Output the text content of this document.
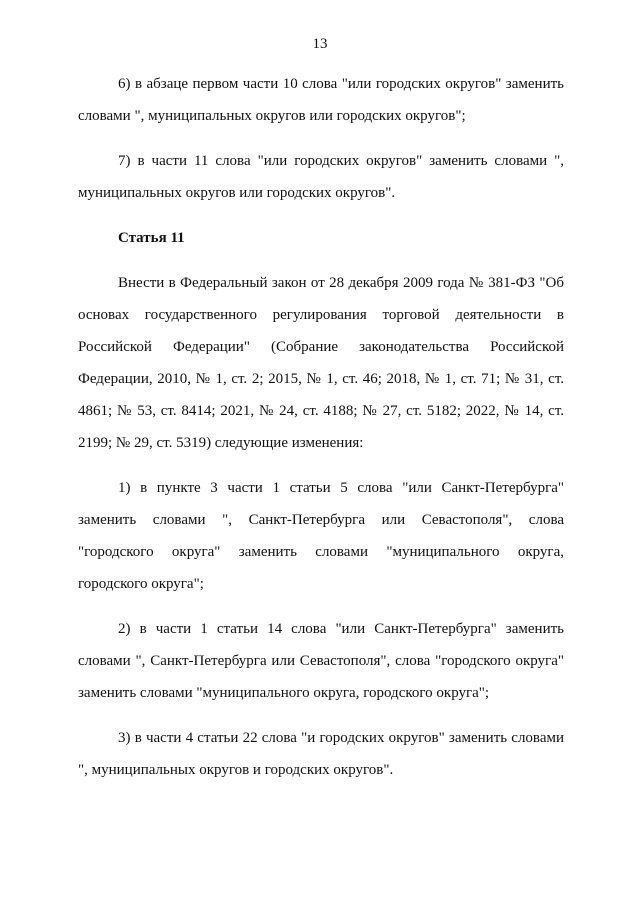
13

6) в абзаце первом части 10 слова "или городских округов" заменить словами ", муниципальных округов или городских округов";

7) в части 11 слова "или городских округов" заменить словами ", муниципальных округов или городских округов".

Статья 11

Внести в Федеральный закон от 28 декабря 2009 года № 381-ФЗ "Об основах государственного регулирования торговой деятельности в Российской Федерации" (Собрание законодательства Российской Федерации, 2010, № 1, ст. 2; 2015, № 1, ст. 46; 2018, № 1, ст. 71; № 31, ст. 4861; № 53, ст. 8414; 2021, № 24, ст. 4188; № 27, ст. 5182; 2022, № 14, ст. 2199; № 29, ст. 5319) следующие изменения:

1) в пункте 3 части 1 статьи 5 слова "или Санкт-Петербурга" заменить словами ", Санкт-Петербурга или Севастополя", слова "городского округа" заменить словами "муниципального округа, городского округа";

2) в части 1 статьи 14 слова "или Санкт-Петербурга" заменить словами ", Санкт-Петербурга или Севастополя", слова "городского округа" заменить словами "муниципального округа, городского округа";

3) в части 4 статьи 22 слова "и городских округов" заменить словами ", муниципальных округов и городских округов".
